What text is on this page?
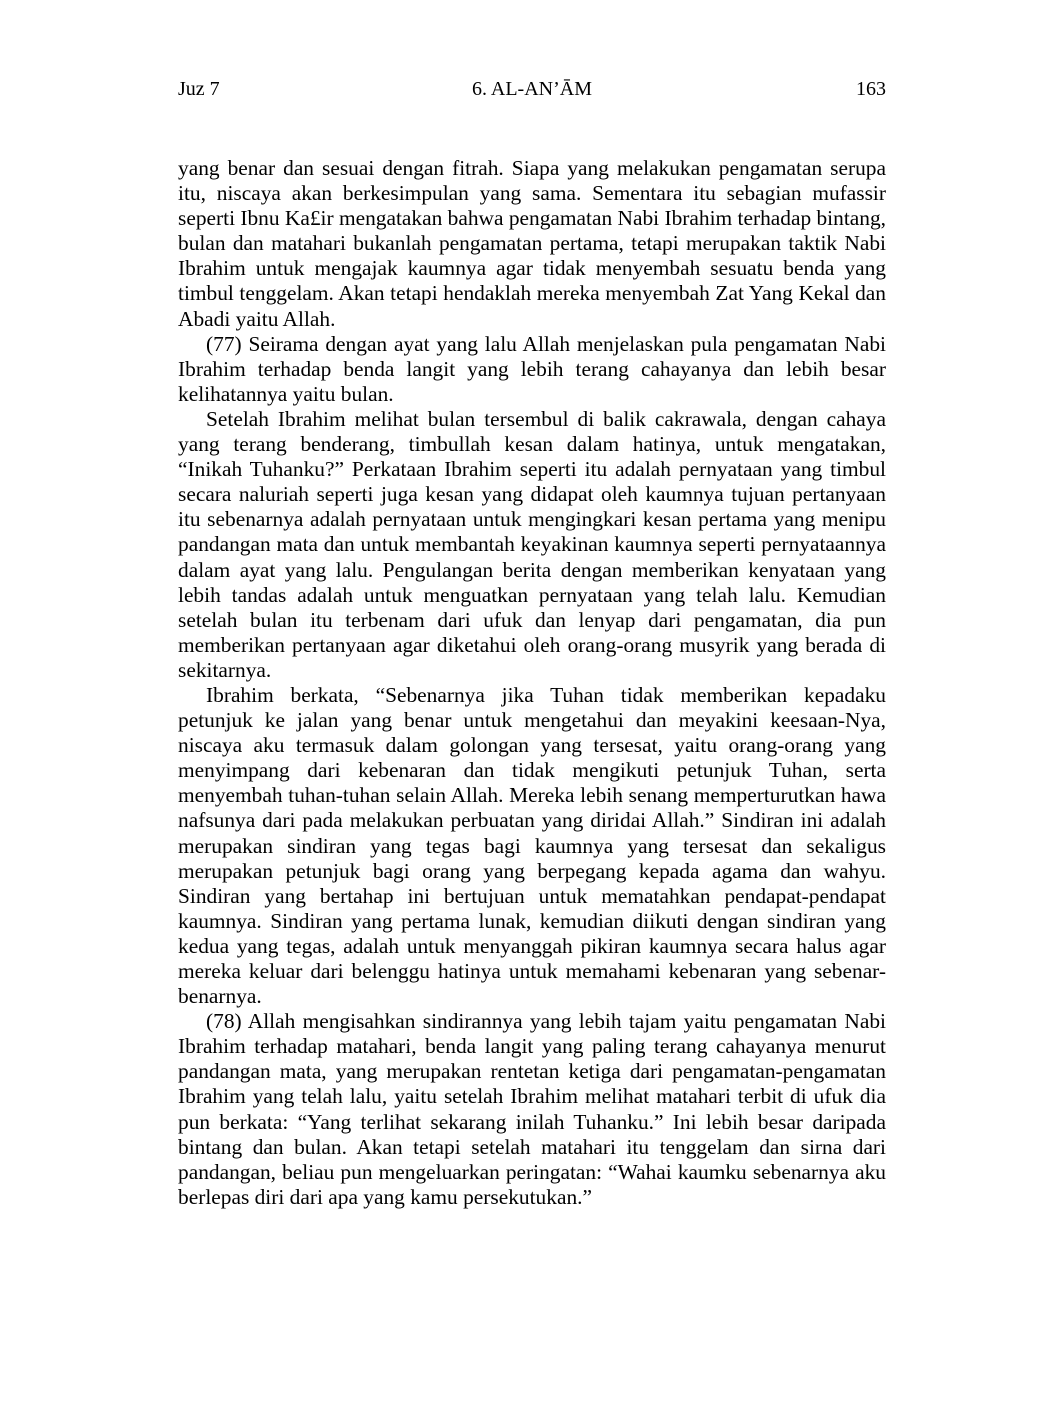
6. AL-AN’ĀM
Juz 7	163

yang benar dan sesuai dengan fitrah. Siapa yang melakukan pengamatan serupa itu, niscaya akan berkesimpulan yang sama. Sementara itu sebagian mufassir seperti Ibnu Ka£ir mengatakan bahwa pengamatan Nabi Ibrahim terhadap bintang, bulan dan matahari bukanlah pengamatan pertama, tetapi merupakan taktik Nabi Ibrahim untuk mengajak kaumnya agar tidak menyembah sesuatu benda yang timbul tenggelam. Akan tetapi hendaklah mereka menyembah Zat Yang Kekal dan Abadi yaitu Allah.

(77) Seirama dengan ayat yang lalu Allah menjelaskan pula pengamatan Nabi Ibrahim terhadap benda langit yang lebih terang cahayanya dan lebih besar kelihatannya yaitu bulan.

Setelah Ibrahim melihat bulan tersembul di balik cakrawala, dengan cahaya yang terang benderang, timbullah kesan dalam hatinya, untuk mengatakan, “Inikah Tuhanku?” Perkataan Ibrahim seperti itu adalah pernyataan yang timbul secara naluriah seperti juga kesan yang didapat oleh kaumnya tujuan pertanyaan itu sebenarnya adalah pernyataan untuk mengingkari kesan pertama yang menipu pandangan mata dan untuk membantah keyakinan kaumnya seperti pernyataannya dalam ayat yang lalu. Pengulangan berita dengan memberikan kenyataan yang lebih tandas adalah untuk menguatkan pernyataan yang telah lalu. Kemudian setelah bulan itu terbenam dari ufuk dan lenyap dari pengamatan, dia pun memberikan pertanyaan agar diketahui oleh orang-orang musyrik yang berada di sekitarnya.

Ibrahim berkata, “Sebenarnya jika Tuhan tidak memberikan kepadaku petunjuk ke jalan yang benar untuk mengetahui dan meyakini keesaan-Nya, niscaya aku termasuk dalam golongan yang tersesat, yaitu orang-orang yang menyimpang dari kebenaran dan tidak mengikuti petunjuk Tuhan, serta menyembah tuhan-tuhan selain Allah. Mereka lebih senang memperturutkan hawa nafsunya dari pada melakukan perbuatan yang diridai Allah.” Sindiran ini adalah merupakan sindiran yang tegas bagi kaumnya yang tersesat dan sekaligus merupakan petunjuk bagi orang yang berpegang kepada agama dan wahyu. Sindiran yang bertahap ini bertujuan untuk mematahkan pendapat-pendapat kaumnya. Sindiran yang pertama lunak, kemudian diikuti dengan sindiran yang kedua yang tegas, adalah untuk menyanggah pikiran kaumnya secara halus agar mereka keluar dari belenggu hatinya untuk memahami kebenaran yang sebenar-benarnya.

(78) Allah mengisahkan sindirannya yang lebih tajam yaitu pengamatan Nabi Ibrahim terhadap matahari, benda langit yang paling terang cahayanya menurut pandangan mata, yang merupakan rentetan ketiga dari pengamatan-pengamatan Ibrahim yang telah lalu, yaitu setelah Ibrahim melihat matahari terbit di ufuk dia pun berkata: “Yang terlihat sekarang inilah Tuhanku.” Ini lebih besar daripada bintang dan bulan. Akan tetapi setelah matahari itu tenggelam dan sirna dari pandangan, beliau pun mengeluarkan peringatan: “Wahai kaumku sebenarnya aku berlepas diri dari apa yang kamu persekutukan.”
